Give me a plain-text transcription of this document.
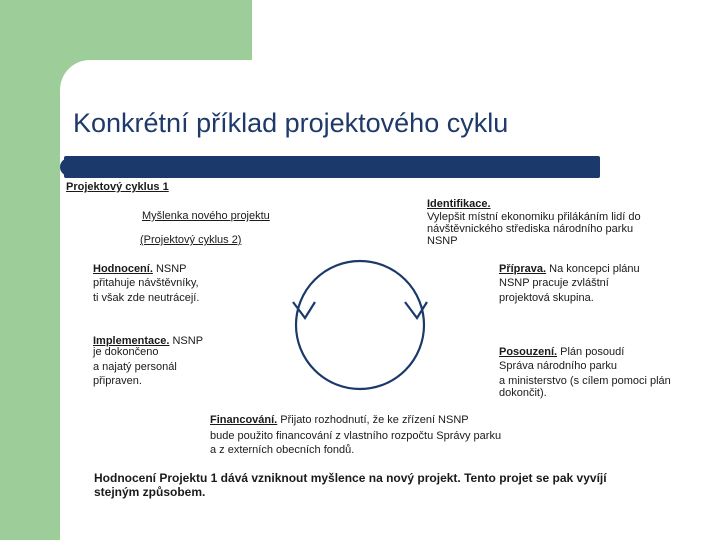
Konkrétní příklad projektového cyklu
Projektový cyklus 1
Myšlenka nového projektu
(Projektový cyklus 2)
Identifikace.
Vylepšit místní ekonomiku přilákáním lidí do
návštěvnického střediska národního parku
NSNP
Hodnocení. NSNP
přitahuje návštěvníky,
ti však zde neutrácejí.
Příprava. Na koncepci plánu
NSNP pracuje zvláštní
projektová skupina.
Implementace. NSNP
je dokončeno
a najatý personál
připraven.
Posouzení. Plán posoudí
Správa národního parku
a ministerstvo (s cílem pomoci plán
dokončit).
Financování. Přijato rozhodnutí, že ke zřízení NSNP
bude použito financování z vlastního rozpočtu Správy parku
a z externích obecních fondů.
Hodnocení Projektu 1 dává vzniknout myšlence na nový projekt. Tento projet se pak vyvíjí
stejným způsobem.
